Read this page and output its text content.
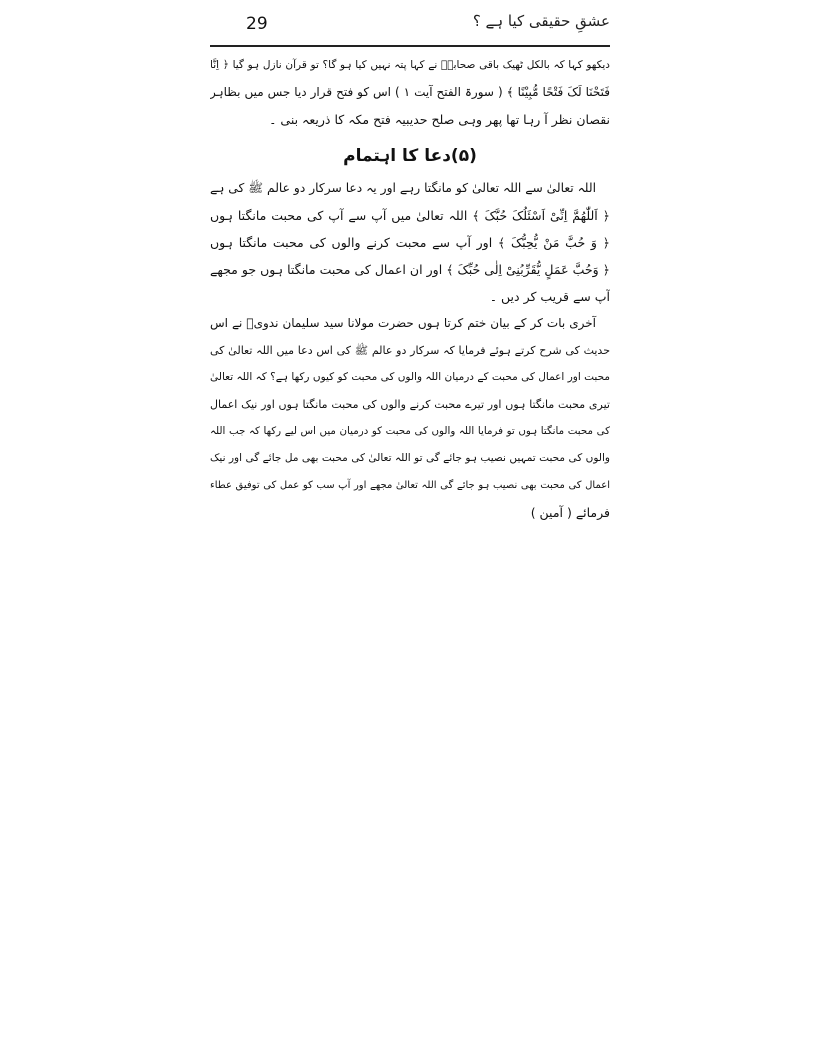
29	عشقِ حقیقی کیا ہے ؟
دیکھو کہا کہ بالکل ٹھیک باقی صحابہؓ نے کہا پتہ نہیں کیا ہو گا؟ تو قرآن نازل ہو گیا ﴿ اِنَّا
فَتَحْنَا لَکَ فَتْحًا مُّبِیْنًا ﴾ ( سورۃ الفتح آیت ۱ ) اس کو فتح قرار دیا جس میں بظاہر
نقصان نظر آ رہا تھا پھر وہی صلح حدیبیہ فتح مکہ کا ذریعہ بنی ۔
(۵)دعا کا اہتمام
اللہ تعالیٰ سے اللہ تعالیٰ کو مانگتا رہے اور یہ دعا سرکار دو عالم ﷺ کی ہے
﴿ اَللّٰھُمَّ اِنِّیْ اَسْئَلُکَ حُبَّکَ ﴾ اللہ تعالیٰ میں آپ سے آپ کی محبت مانگتا ہوں
﴿ وَ حُبَّ مَنْ یُّحِبُّکَ ﴾ اور آپ سے محبت کرنے والوں کی محبت مانگتا ہوں
﴿ وَحُبَّ عَمَلٍ یُّقَرِّبُنِیْ اِلٰی حُبِّکَ ﴾ اور ان اعمال کی محبت مانگتا ہوں جو مجھے
آپ سے قریب کر دیں ۔
آخری بات کر کے بیان ختم کرتا ہوں حضرت مولانا سید سلیمان ندویؒ نے اس
حدیث کی شرح کرتے ہوئے فرمایا کہ سرکار دو عالم ﷺ کی اس دعا میں اللہ تعالیٰ کی
محبت اور اعمال کی محبت کے درمیان اللہ والوں کی محبت کو کیوں رکھا ہے؟ کہ اللہ تعالیٰ
تیری محبت مانگتا ہوں اور تیرے محبت کرنے والوں کی محبت مانگتا ہوں اور نیک اعمال
کی محبت مانگتا ہوں تو فرمایا اللہ والوں کی محبت کو درمیان میں اس لیے رکھا کہ جب اللہ
والوں کی محبت تمہیں نصیب ہو جائے گی تو اللہ تعالیٰ کی محبت بھی مل جائے گی اور نیک
اعمال کی محبت بھی نصیب ہو جائے گی اللہ تعالیٰ مجھے اور آپ سب کو عمل کی توفیق عطاء
فرمائے ( آمین )
